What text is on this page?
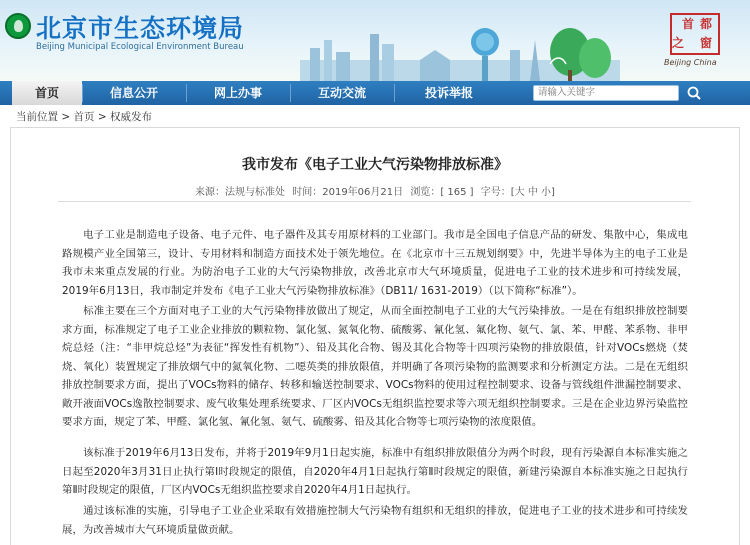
北京市生态环境局
Beijing Municipal Ecological Environment Bureau
首 都
之 窗
Beijing China
首页	信息公开	网上办事	互动交流	投诉举报	请输入关键字
当前位置 > 首页 > 权威发布
我市发布《电子工业大气污染物排放标准》
来源：法规与标准处 时间：2019年06月21日 浏览：[ 165 ] 字号：[大 中 小]
电子工业是制造电子设备、电子元件、电子器件及其专用原材料的工业部门。我市是全国电子信息产品的研发、集散中心，集成电路规模产业全国第三，设计、专用材料和制造方面技术处于领先地位。在《北京市十三五规划纲要》中，先进半导体为主的电子工业是我市未来重点发展的行业。为防治电子工业的大气污染物排放，改善北京市大气环境质量，促进电子工业的技术进步和可持续发展，2019年6月13日，我市制定并发布《电子工业大气污染物排放标准》（DB11/ 1631-2019）（以下简称“标准”）。
标准主要在三个方面对电子工业的大气污染物排放做出了规定，从而全面控制电子工业的大气污染排放。一是在有组织排放控制要求方面，标准规定了电子工业企业排放的颗粒物、氯化氢、氮氧化物、硫酸雾、氰化氢、氟化物、氨气、氯、苯、甲醛、苯系物、非甲烷总烃（注：“非甲烷总烃”为表征“挥发性有机物”）、铅及其化合物、锡及其化合物等十四项污染物的排放限值，针对VOCs燃烧（焚烧、氧化）装置规定了排放烟气中的氮氧化物、二噁英类的排放限值，并明确了各项污染物的监测要求和分析测定方法。二是在无组织排放控制要求方面，提出了VOCs物料的储存、转移和输送控制要求、VOCs物料的使用过程控制要求、设备与管线组件泄漏控制要求、敞开液面VOCs逸散控制要求、废气收集处理系统要求、厂区内VOCs无组织监控要求等六项无组织控制要求。三是在企业边界污染监控要求方面，规定了苯、甲醛、氯化氢、氰化氢、氨气、硫酸雾、铅及其化合物等七项污染物的浓度限值。
该标准于2019年6月13日发布，并将于2019年9月1日起实施，标准中有组织排放限值分为两个时段，现有污染源自本标准实施之日起至2020年3月31日止执行第Ⅰ时段规定的限值，自2020年4月1日起执行第Ⅱ时段规定的限值，新建污染源自本标准实施之日起执行第Ⅱ时段规定的限值，厂区内VOCs无组织监控要求自2020年4月1日起执行。
通过该标准的实施，引导电子工业企业采取有效措施控制大气污染物有组织和无组织的排放，促进电子工业的技术进步和可持续发展，为改善城市大气环境质量做贡献。
